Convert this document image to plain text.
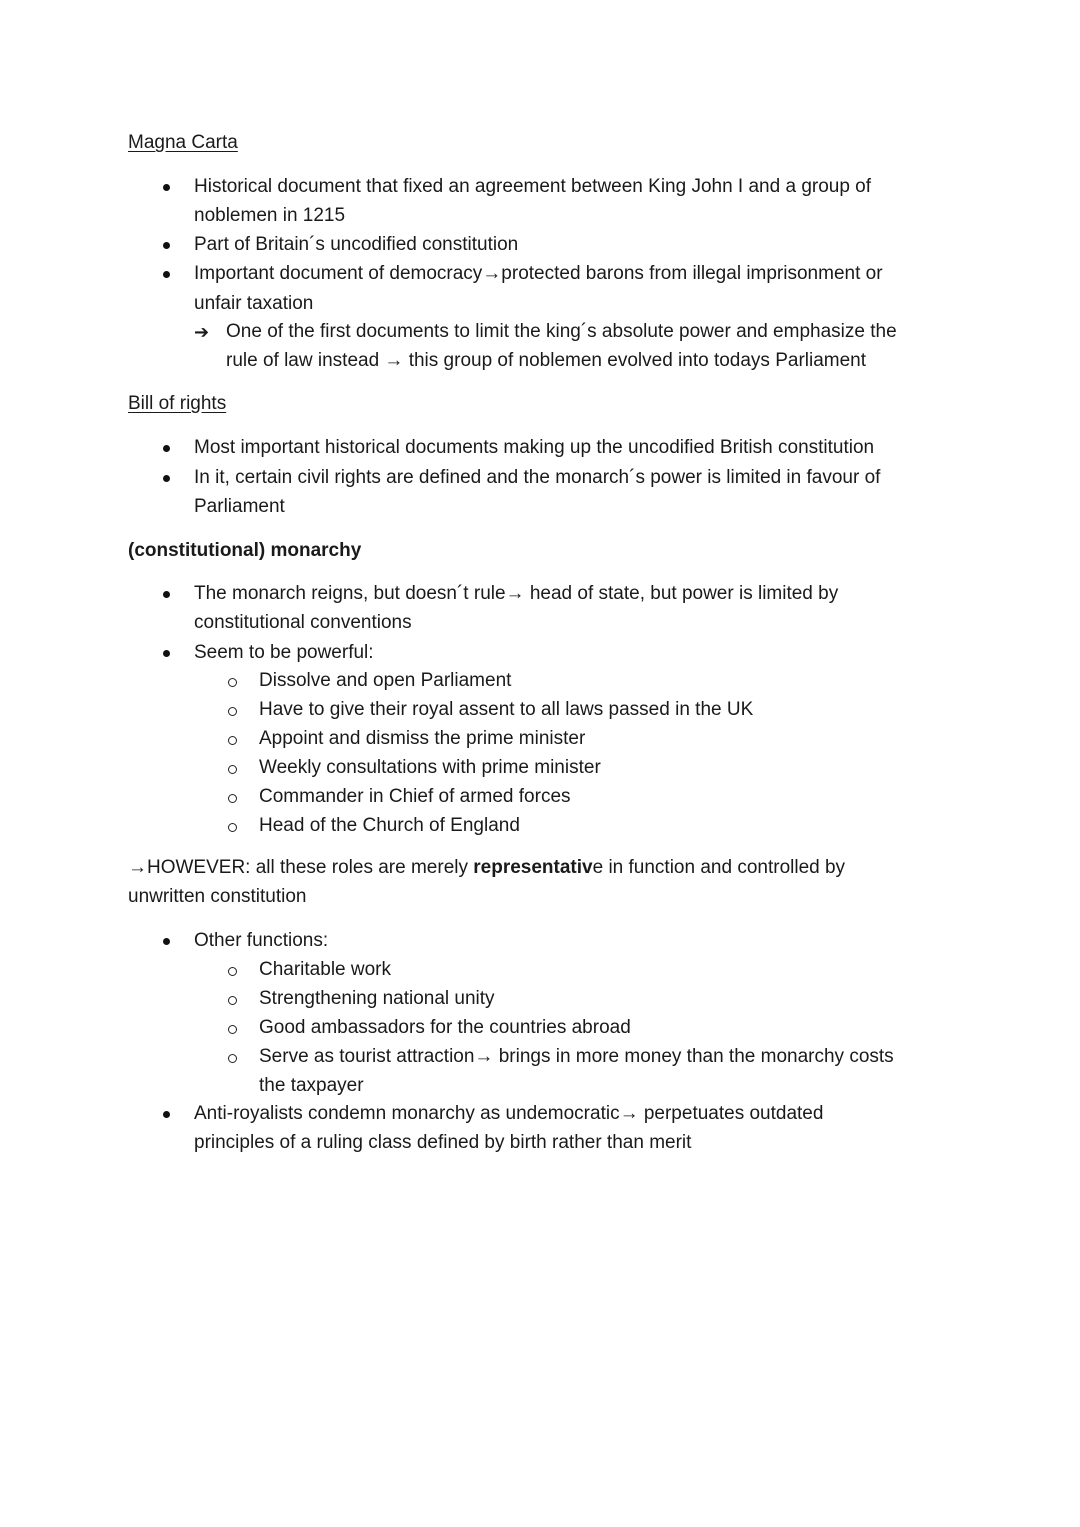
Magna Carta
Historical document that fixed an agreement between King John I and a group of
noblemen in 1215
Part of Britain´s uncodified constitution
Important document of democracy→protected barons from illegal imprisonment or
unfair taxation
➔ One of the first documents to limit the king´s absolute power and emphasize the
rule of law instead → this group of noblemen evolved into todays Parliament
Bill of rights
Most important historical documents making up the uncodified British constitution
In it, certain civil rights are defined and the monarch´s power is limited in favour of
Parliament
(constitutional) monarchy
The monarch reigns, but doesn´t rule→ head of state, but power is limited by
constitutional conventions
Seem to be powerful:
Dissolve and open Parliament
Have to give their royal assent to all laws passed in the UK
Appoint and dismiss the prime minister
Weekly consultations with prime minister
Commander in Chief of armed forces
Head of the Church of England
→HOWEVER: all these roles are merely representative in function and controlled by
unwritten constitution
Other functions:
Charitable work
Strengthening national unity
Good ambassadors for the countries abroad
Serve as tourist attraction→ brings in more money than the monarchy costs
the taxpayer
Anti-royalists condemn monarchy as undemocratic→ perpetuates outdated
principles of a ruling class defined by birth rather than merit
